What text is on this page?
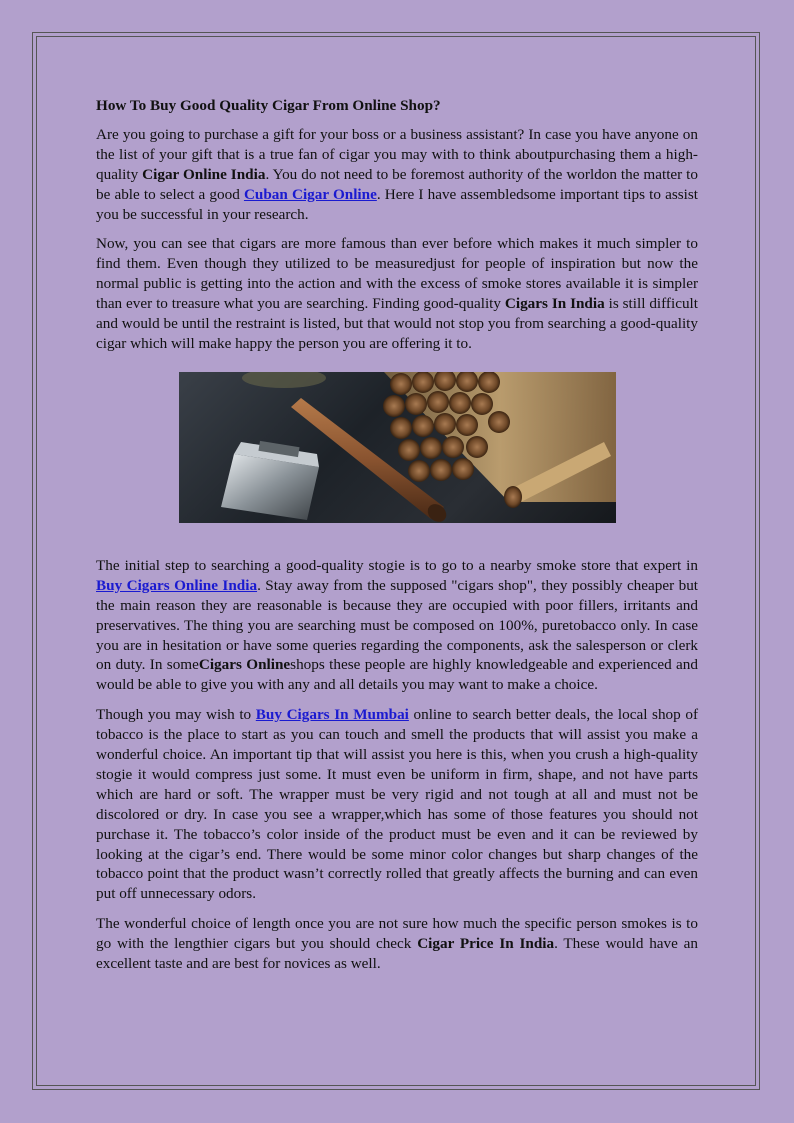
How To Buy Good Quality Cigar From Online Shop?

Are you going to purchase a gift for your boss or a business assistant? In case you have anyone on the list of your gift that is a true fan of cigar you may with to think aboutpurchasing them a high-quality Cigar Online India. You do not need to be foremost authority of the worldon the matter to be able to select a good Cuban Cigar Online. Here I have assembledsome important tips to assist you be successful in your research.

Now, you can see that cigars are more famous than ever before which makes it much simpler to find them. Even though they utilized to be measuredjust for people of inspiration but now the normal public is getting into the action and with the excess of smoke stores available it is simpler than ever to treasure what you are searching. Finding good-quality Cigars In India is still difficult and would be until the restraint is listed, but that would not stop you from searching a good-quality cigar which will make happy the person you are offering it to.

The initial step to searching a good-quality stogie is to go to a nearby smoke store that expert in Buy Cigars Online India. Stay away from the supposed "cigars shop", they possibly cheaper but the main reason they are reasonable is because they are occupied with poor fillers, irritants and preservatives. The thing you are searching must be composed on 100%, puretobacco only. In case you are in hesitation or have some queries regarding the components, ask the salesperson or clerk on duty. In someCigars Onlineshops these people are highly knowledgeable and experienced and would be able to give you with any and all details you may want to make a choice.

Though you may wish to Buy Cigars In Mumbai online to search better deals, the local shop of tobacco is the place to start as you can touch and smell the products that will assist you make a wonderful choice. An important tip that will assist you here is this, when you crush a high-quality stogie it would compress just some. It must even be uniform in firm, shape, and not have parts which are hard or soft. The wrapper must be very rigid and not tough at all and must not be discolored or dry. In case you see a wrapper,which has some of those features you should not purchase it. The tobacco’s color inside of the product must be even and it can be reviewed by looking at the cigar’s end. There would be some minor color changes but sharp changes of the tobacco point that the product wasn’t correctly rolled that greatly affects the burning and can even put off unnecessary odors.

The wonderful choice of length once you are not sure how much the specific person smokes is to go with the lengthier cigars but you should check Cigar Price In India. These would have an excellent taste and are best for novices as well.
